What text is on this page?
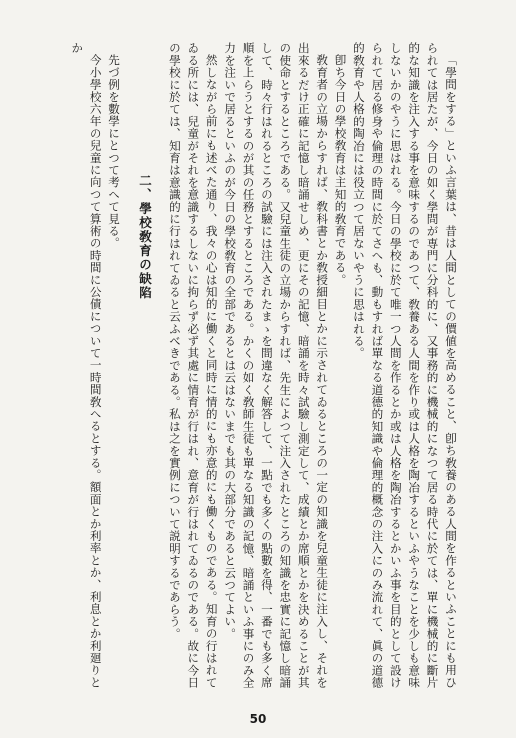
「學問をする」といふ言葉は、昔は人間としての價値を高めること、卽ち敎養のある人間を作るといふことにも用ひられては居たが、今日の如く學問が専門に分科的に、又事務的に機械的になつて居る時代に於ては、單に機械的に斷片的な知識を注入する事を意味するのであつて、敎養ある人間を作り或は人格を陶冶するといふやうなことを少しも意味しないかのやうに思はれる。今日の學校に於て唯一つ人間を作るとか或は人格を陶冶するとかいふ事を目的として設けられて居る修身や倫理の時間に於てさへも、動もすれば單なる道德的知識や倫理的概念の注入にのみ流れて、眞の道德的敎育や人格的陶冶には役立つて居ないやうに思はれる。

卽ち今日の學校敎育は主知的敎育である。

敎育者の立場からすれば、敎科書とか敎授細目とかに示されてゐるところの一定の知識を兒童生徒に注入し、それを出來るだけ正確に記憶し暗誦せしめ、更にその記憶、暗誦を時々試驗し測定して、成績とか席順とかを決めることが其の使命とするところである。又兒童生徒の立場からすれば、先生によつて注入されたところの知識を忠實に記憶し暗誦して、時々行はれるところの試驗には注入されたまゝを間違なく解答して、一點でも多くの點數を得、一番でも多く席順を上らうとするのが其の任務とするところである。かくの如く敎師生徒も單なる知識の記憶、暗誦といふ事にのみ全力を注いで居るといふのが今日の學校敎育の全部であるとは云はないまでも其の大部分であると云つてよい。

然しながら前にも述べた通り、我々の心は知的に働くと同時に情的にも亦意的にも働くものである。知育の行はれてゐる所には、兒童がそれを意識するしないに拘らず必ず其處に情育が行はれ、意育が行はれてゐるのである。故に今日の學校に於ては、知育は意識的に行はれてゐると云ふべきである。私は之を實例について説明するであらう。

二、學校敎育の缺陷

先づ例を數學にとつて考へて見る。

今小學校六年の兒童に向つて算術の時間に公債について一時間敎へるとする。額面とか利率とか、利息とか利廻りとか

50
